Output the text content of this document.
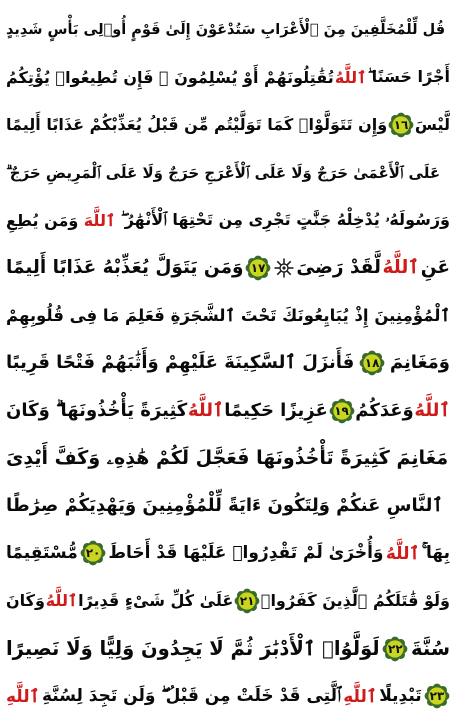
قُل لِّلْمُخَلَّفِينَ مِنَ ٱلْأَعْرَابِ سَتُدْعَوْنَ إِلَىٰ قَوْمٍ أُو۟لِى بَأْسٍ شَدِيدٍ
تُقَٰتِلُونَهُمْ أَوْ يُسْلِمُونَ ۖ فَإِن تُطِيعُوا۟ يُؤْتِكُمُ ٱللَّهُ أَجْرًا حَسَنًا ۖ
وَإِن تَتَوَلَّوْا۟ كَمَا تَوَلَّيْتُم مِّن قَبْلُ يُعَذِّبْكُمْ عَذَابًا أَلِيمًا ١٦ لَّيْسَ
عَلَى ٱلْأَعْمَىٰ حَرَجٌ وَلَا عَلَى ٱلْأَعْرَجِ حَرَجٌ وَلَا عَلَى ٱلْمَرِيضِ حَرَجٌ ۗ
وَمَن يُطِعِ ٱللَّهَ وَرَسُولَهُۥ يُدْخِلْهُ جَنَّٰتٍ تَجْرِى مِن تَحْتِهَا ٱلْأَنْهَٰرُ ۖ
وَمَن يَتَوَلَّ يُعَذِّبْهُ عَذَابًا أَلِيمًا ١٧	لَّقَدْ رَضِىَ ٱللَّهُ عَنِ
ٱلْمُؤْمِنِينَ إِذْ يُبَايِعُونَكَ تَحْتَ ٱلشَّجَرَةِ فَعَلِمَ مَا فِى قُلُوبِهِمْ
فَأَنزَلَ ٱلسَّكِينَةَ عَلَيْهِمْ وَأَثَٰبَهُمْ فَتْحًا قَرِيبًا ١٨ وَمَغَانِمَ
كَثِيرَةً يَأْخُذُونَهَا ۗ وَكَانَ ٱللَّهُ عَزِيزًا حَكِيمًا ١٩ وَعَدَكُمُ ٱللَّهُ
مَغَانِمَ كَثِيرَةً تَأْخُذُونَهَا فَعَجَّلَ لَكُمْ هَٰذِهِۦ وَكَفَّ أَيْدِىَ
ٱلنَّاسِ عَنكُمْ وَلِتَكُونَ ءَايَةً لِّلْمُؤْمِنِينَ وَيَهْدِيَكُمْ صِرَٰطًا
مُّسْتَقِيمًا ٢٠ وَأُخْرَىٰ لَمْ تَقْدِرُوا۟ عَلَيْهَا قَدْ أَحَاطَ ٱللَّهُ بِهَا ۚ
وَكَانَ ٱللَّهُ عَلَىٰ كُلِّ شَىْءٍ قَدِيرًا ٢١ وَلَوْ قَٰتَلَكُمُ ٱلَّذِينَ كَفَرُوا۟
لَوَلَّوُا۟ ٱلْأَدْبَٰرَ ثُمَّ لَا يَجِدُونَ وَلِيًّا وَلَا نَصِيرًا ٢٢ سُنَّةَ
ٱللَّهِ ٱلَّتِى قَدْ خَلَتْ مِن قَبْلُ ۖ وَلَن تَجِدَ لِسُنَّةِ ٱللَّهِ تَبْدِيلًا ٢٣
